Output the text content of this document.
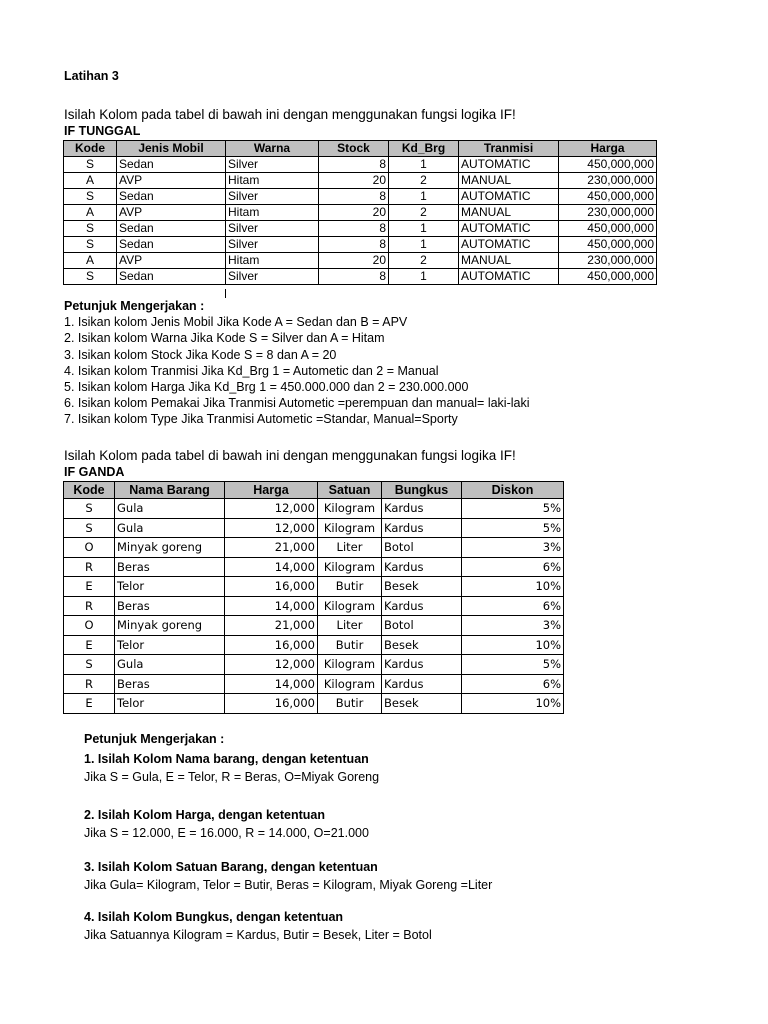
Latihan 3
Isilah Kolom pada tabel di bawah ini dengan menggunakan fungsi logika IF!
IF TUNGGAL
Kode	Jenis Mobil	Warna	Stock	Kd_Brg	Tranmisi	Harga
S	Sedan	Silver	8	1	AUTOMATIC	450,000,000
A	AVP	Hitam	20	2	MANUAL	230,000,000
S	Sedan	Silver	8	1	AUTOMATIC	450,000,000
A	AVP	Hitam	20	2	MANUAL	230,000,000
S	Sedan	Silver	8	1	AUTOMATIC	450,000,000
S	Sedan	Silver	8	1	AUTOMATIC	450,000,000
A	AVP	Hitam	20	2	MANUAL	230,000,000
S	Sedan	Silver	8	1	AUTOMATIC	450,000,000
Petunjuk Mengerjakan :
1. Isikan kolom Jenis Mobil Jika Kode A = Sedan dan B = APV
2. Isikan kolom Warna Jika Kode S = Silver dan A = Hitam
3. Isikan kolom Stock Jika Kode S = 8 dan A = 20
4. Isikan kolom Tranmisi Jika Kd_Brg 1 = Autometic dan 2 = Manual
5. Isikan kolom Harga Jika Kd_Brg 1 = 450.000.000 dan 2 = 230.000.000
6. Isikan kolom Pemakai Jika Tranmisi Autometic =perempuan dan manual= laki-laki
7. Isikan kolom Type Jika Tranmisi Autometic =Standar, Manual=Sporty
Isilah Kolom pada tabel di bawah ini dengan menggunakan fungsi logika IF!
IF GANDA
Kode	Nama Barang	Harga	Satuan	Bungkus	Diskon
S	Gula	12,000	Kilogram	Kardus	5%
S	Gula	12,000	Kilogram	Kardus	5%
O	Minyak goreng	21,000	Liter	Botol	3%
R	Beras	14,000	Kilogram	Kardus	6%
E	Telor	16,000	Butir	Besek	10%
R	Beras	14,000	Kilogram	Kardus	6%
O	Minyak goreng	21,000	Liter	Botol	3%
E	Telor	16,000	Butir	Besek	10%
S	Gula	12,000	Kilogram	Kardus	5%
R	Beras	14,000	Kilogram	Kardus	6%
E	Telor	16,000	Butir	Besek	10%
Petunjuk Mengerjakan :
1. Isilah Kolom Nama barang, dengan ketentuan
Jika S = Gula, E = Telor, R = Beras, O=Miyak Goreng
2. Isilah Kolom Harga, dengan ketentuan
Jika S = 12.000, E = 16.000, R = 14.000, O=21.000
3. Isilah Kolom Satuan Barang, dengan ketentuan
Jika Gula= Kilogram, Telor = Butir, Beras = Kilogram, Miyak Goreng =Liter
4. Isilah Kolom Bungkus, dengan ketentuan
Jika Satuannya Kilogram = Kardus, Butir = Besek, Liter = Botol
